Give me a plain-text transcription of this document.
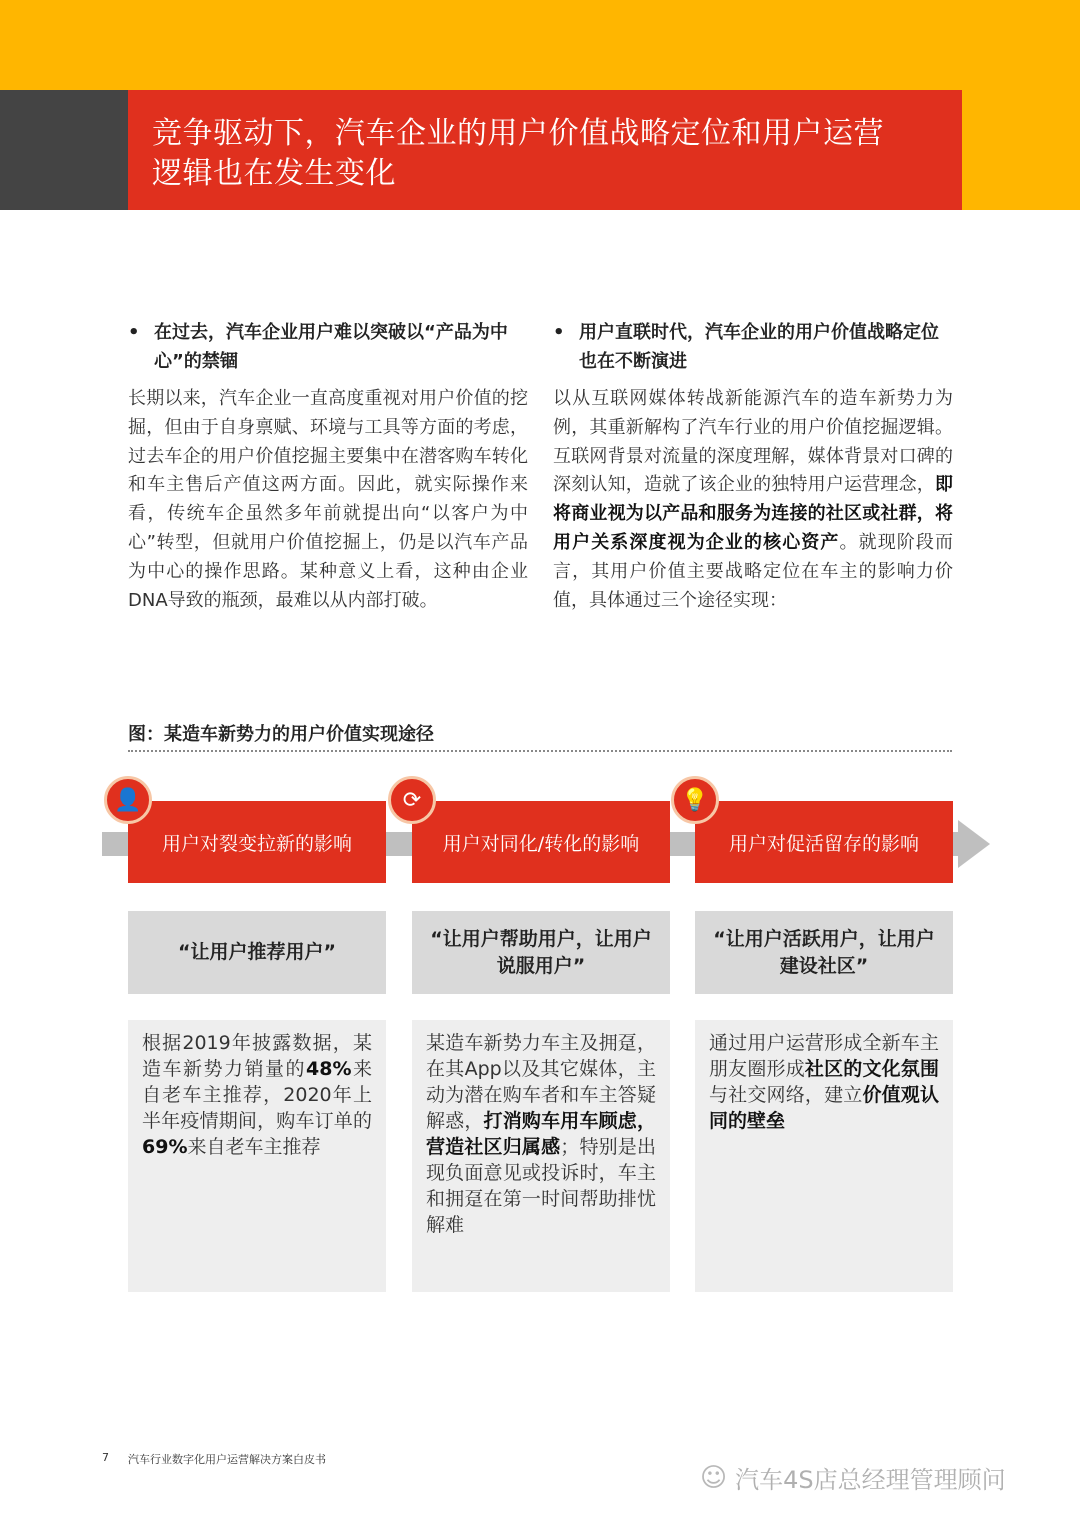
竞争驱动下，汽车企业的用户价值战略定位和用户运营
逻辑也在发生变化
• 在过去，汽车企业用户难以突破以“产品为中心”的禁锢

长期以来，汽车企业一直高度重视对用户价值的挖掘，但由于自身禀赋、环境与工具等方面的考虑，过去车企的用户价值挖掘主要集中在潜客购车转化和车主售后产值这两方面。因此，就实际操作来看，传统车企虽然多年前就提出向“以客户为中心”转型，但就用户价值挖掘上，仍是以汽车产品为中心的操作思路。某种意义上看，这种由企业DNA导致的瓶颈，最难以从内部打破。

• 用户直联时代，汽车企业的用户价值战略定位也在不断演进

以从互联网媒体转战新能源汽车的造车新势力为例，其重新解构了汽车行业的用户价值挖掘逻辑。互联网背景对流量的深度理解，媒体背景对口碑的深刻认知，造就了该企业的独特用户运营理念，即将商业视为以产品和服务为连接的社区或社群，将用户关系深度视为企业的核心资产。就现阶段而言，其用户价值主要战略定位在车主的影响力价值，具体通过三个途径实现：

图：某造车新势力的用户价值实现途径
用户对裂变拉新的影响
👤
“让用户推荐用户”
根据2019年披露数据，某造车新势力销量的48%来自老车主推荐，2020年上半年疫情期间，购车订单的69%来自老车主推荐
用户对同化/转化的影响
⟳
“让用户帮助用户，让用户说服用户”
某造车新势力车主及拥趸，在其App以及其它媒体，主动为潜在购车者和车主答疑解惑，打消购车用车顾虑，营造社区归属感；特别是出现负面意见或投诉时，车主和拥趸在第一时间帮助排忧解难
用户对促活留存的影响
💡
“让用户活跃用户，让用户建设社区”
通过用户运营形成全新车主朋友圈形成社区的文化氛围与社交网络，建立价值观认同的壁垒
7 汽车行业数字化用户运营解决方案白皮书
☺ 汽车4S店总经理管理顾问
